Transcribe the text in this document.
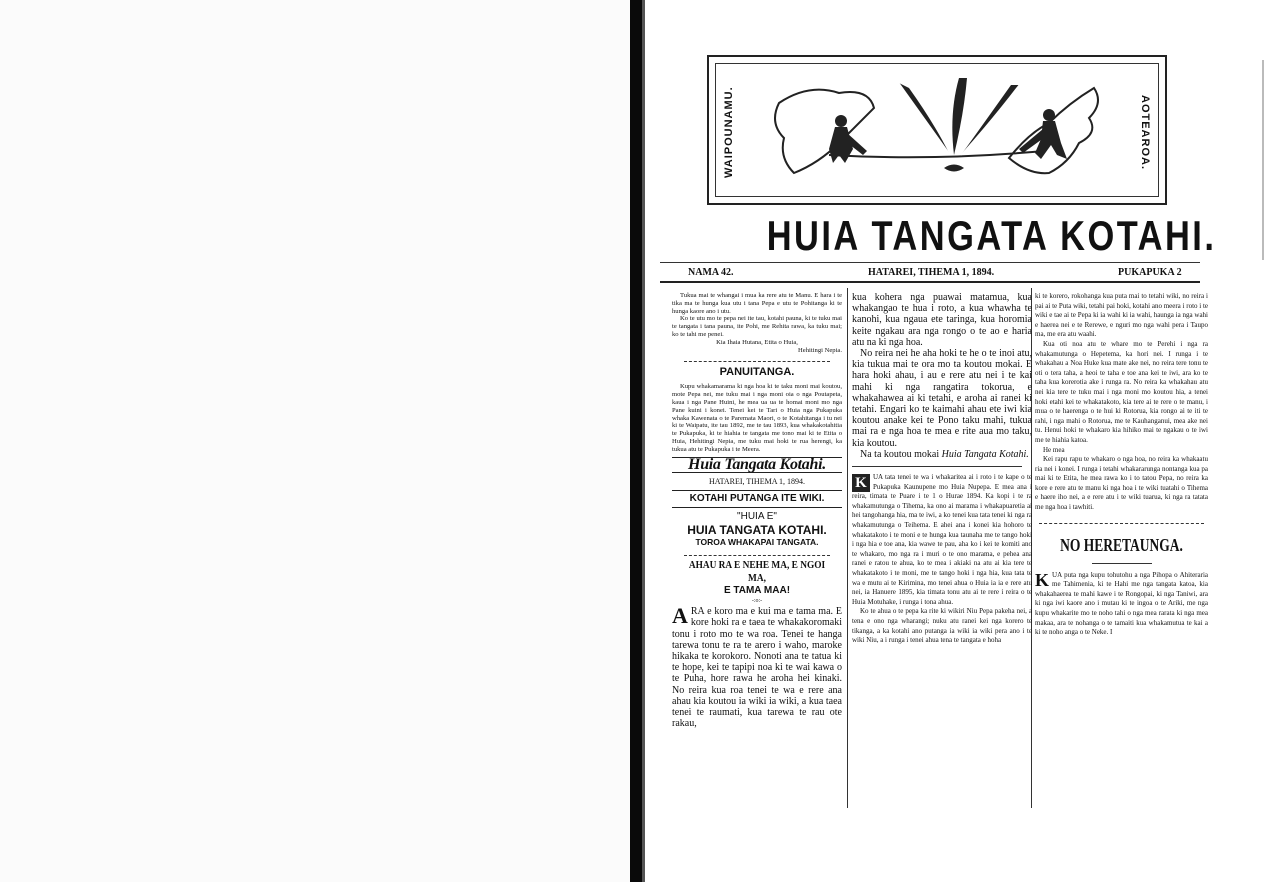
WAIPOUNAMU.	AOTEAROA.
HUIA TANGATA KOTAHI.
NAMA 42.	HATAREI, TIHEMA 1, 1894.	PUKAPUKA 2

Tukua mai te whangai i mua ka rere atu te Manu. E hara i te tika ma te hunga kua utu i tana Pepa e utu te Pohitanga ki te hunga kaore ano i utu.

Ko te utu mo te pepa nei ite tau, kotahi pauna, ki te tuku mai te tangata i tana pauna, ite Pohi, me Rehita rawa, ka tuku mai; ko te tahi me penei.

Kia Ihaia Hutana, Etita o Huia,

Hehitingi Nepia.

PANUITANGA.

Kupu whakamarama ki nga hoa ki te taku moni mai koutou, mote Pepa nei, me tuku mai i nga moni oia o nga Poutapeta, kaua i nga Pane Huini, he mea ua ua te homai moni mo nga Pane kuini i konei. Tenei kei te Tari o Huia nga Pukapuka whaka Kawenata o te Paremata Maori, o te Kotahitanga i tu nei ki te Waipatu, ite tau 1892, me te tau 1893, kua whakakotahitia te Pukapuka, ki te hiahia te tangata me tono mai ki te Etita o Huia, Hehitingi Nepia, me tuku mai hoki te rua herengi, ka tukua atu te Pukapuka i te Meera.

Huia Tangata Kotahi.

HATAREI, TIHEMA 1, 1894.

KOTAHI PUTANGA ITE WIKI.

"HUIA E"

HUIA TANGATA KOTAHI.

TOROA WHAKAPAI TANGATA.

AHAU RA E NEHE MA, E NGOI MA,

E TAMA MAA!

-:o:-

ARA e koro ma e kui ma e tama ma. E kore hoki ra e taea te whakakoromaki tonu i roto mo te wa roa. Tenei te hanga tarewa tonu te ra te arero i waho, maroke hikaka te korokoro. Nonoti ana te tatua ki te hope, kei te tapipi noa ki te wai kawa o te Puha, hore rawa he aroha hei kinaki. No reira kua roa tenei te wa e rere ana ahau kia koutou ia wiki ia wiki, a kua taea tenei te raumati, kua tarewa te rau ote rakau,

kua kohera nga puawai matamua, kua whakangao te hua i roto, a kua whawha te kanohi, kua ngaua ete taringa, kua horomia keite ngakau ara nga rongo o te ao e haria atu na ki nga hoa.

No reira nei he aha hoki te he o te inoi atu, kia tukua mai te ora mo ta koutou mokai. E hara hoki ahau, i au e rere atu nei i te kai mahi ki nga rangatira tokorua, e whakahawea ai ki tetahi, e aroha ai ranei ki tetahi. Engari ko te kaimahi ahau ete iwi kia koutou anake kei te Pono taku mahi, tukua mai ra e nga hoa te mea e rite aua mo taku, kia koutou.

Na ta koutou mokai Huia Tangata Kotahi.

K UA tata tenei te wa i whakaritea ai i roto i te kape o te Pukapuka Kaunupene mo Huia Nupepa. E mea ana i reira, timata te Puare i te 1 o Hurae 1894. Ka kopi i te ra whakamutunga o Tihema, ka ono ai marama i whakapuaretia ai hei tangohanga hia, ma te iwi, a ko tenei kua tata tenei ki nga ra whakamutunga o Teihema. E ahei ana i konei kia hohoro te whakatakoto i te moni e te hunga kua taunaha me te tango hoki i nga hia e toe ana, kia wawe te pau, aha ko i kei te komiti ano te whakaro, mo nga ra i muri o te ono marama, e pehea ana ranei e ratou te ahua, ko te mea i akiaki na atu ai kia tere te whakatakoto i te moni, me te tango hoki i nga hia, kua tata te wa e mutu ai te Kirimina, mo tenei ahua o Huia ia ia e rere atu nei, ia Hanuere 1895, kia timata tonu atu ai te rere i reira o te Huia Motuhake, i runga i tona ahua.

Ko te ahua o te pepa ka rite ki wikiri Niu Pepa pakeha nei, a tena e ono nga wharangi; nuku atu ranei kei nga korero te tikanga, a ka kotahi ano putanga ia wiki ia wiki pera ano i te wiki Niu, a i runga i tenei ahua tena te tangata e hoha

ki te korero, rokohanga kua puta mai to tetahi wiki, no reira i pai ai te Puta wiki, tetahi pai hoki, kotahi ano meera i roto i te wiki e tae ai te Pepa ki ia wahi ki ia wahi, haunga ia nga wahi e haerea nei e te Rerewe, e nguri mo nga wahi pera i Taupo ma, me era atu waahi.

Kua oti noa atu te whare mo te Perehi i nga ra whakamutunga o Hepetema, ka hori nei. I runga i te whakahau a Noa Huke kua mate ake nei, no reira tere tonu te oti o tera taha, a heoi te taha e toe ana kei te iwi, ara ko te taha kua korerotia ake i runga ra. No reira ka whakahau atu nei kia tere te tuku mai i nga moni mo koutou hia, a tenei hoki etahi kei te whakatakoto, kia tere ai te rere o te manu, i mua o te haerenga o te hui ki Rotorua, kia rongo ai te iti te rahi, i nga mahi o Rotorua, me te Kauhanganui, mea ake nei tu. Henui hoki te whakaro kia hihiko mai te ngakau o te iwi me te hiahia katoa.

He mea

Kei rapu rapu te whakaro o nga hoa, no reira ka whakaatu ria nei i konei. I runga i tetahi whakararunga nontanga kua pa mai ki te Etita, he mea rawa ko i to tatou Pepa, no reira ka kore e rere atu te manu ki nga hoa i te wiki tuatahi o Tihema e haere iho nei, a e rere atu i te wiki tuarua, ki nga ra tatata me nga hoa i tawhiti.

NO HERETAUNGA.

KUA puta nga kupu tohutohu a nga Pihopa o Ahiteraria me Tahimenia, ki te Hahi me nga tangata katoa, kia whakahaerea te mahi kawe i te Rongopai, ki nga Taniwi, ara ki nga iwi kaore ano i mutau ki te ingoa o te Ariki, me nga kupu whakarite mo te noho tahi o nga mea rarata ki nga mea makaa, ara te nohanga o te tamaiti kua whakamutua te kai a ki te noho anga o te Neke. I
